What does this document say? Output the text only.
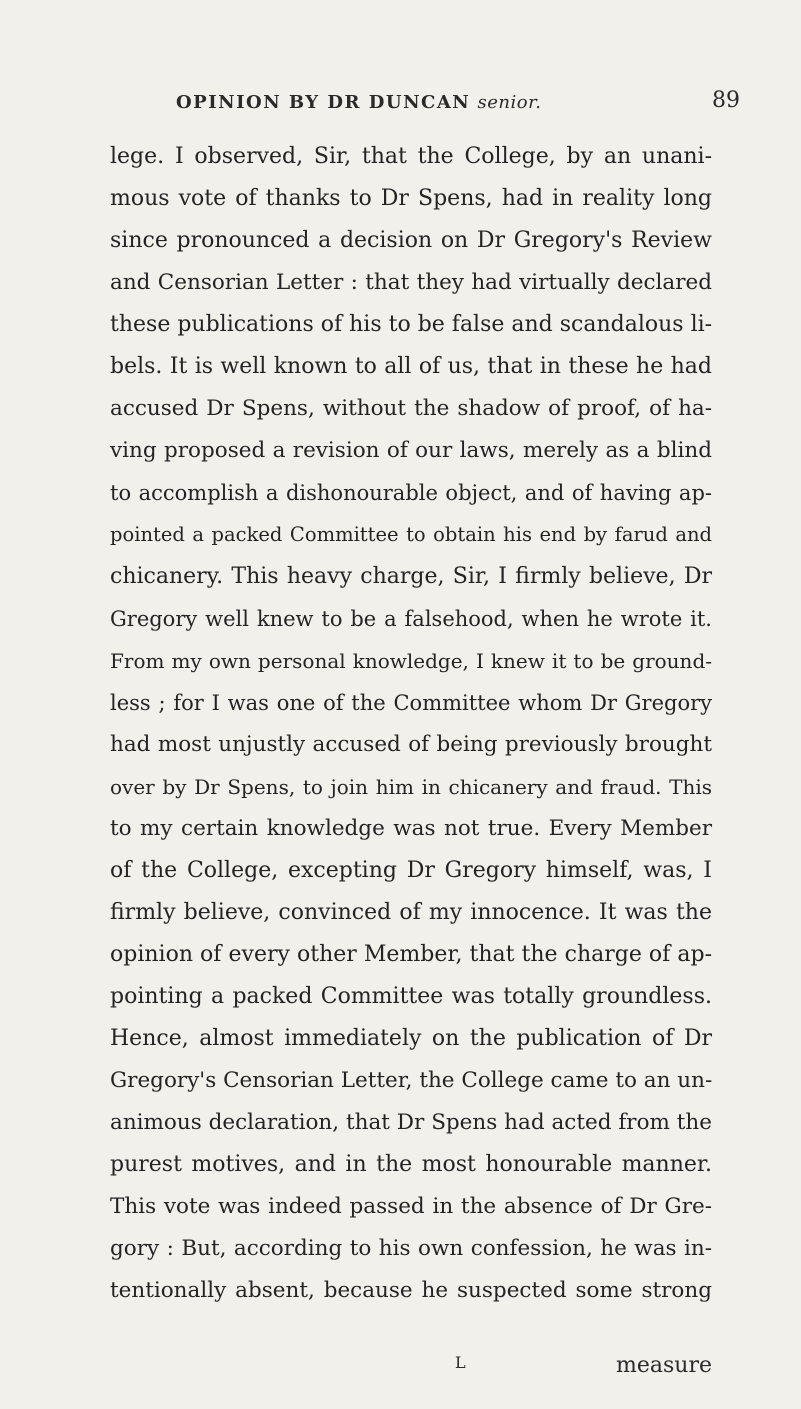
OPINION BY DR DUNCAN senior.	89
lege. I observed, Sir, that the College, by an unani-
mous vote of thanks to Dr Spens, had in reality long
since pronounced a decision on Dr Gregory's Review
and Censorian Letter : that they had virtually declared
these publications of his to be false and scandalous li-
bels. It is well known to all of us, that in these he had
accused Dr Spens, without the shadow of proof, of ha-
ving proposed a revision of our laws, merely as a blind
to accomplish a dishonourable object, and of having ap-
pointed a packed Committee to obtain his end by farud and
chicanery. This heavy charge, Sir, I firmly believe, Dr
Gregory well knew to be a falsehood, when he wrote it.
From my own personal knowledge, I knew it to be ground-
less ; for I was one of the Committee whom Dr Gregory
had most unjustly accused of being previously brought
over by Dr Spens, to join him in chicanery and fraud. This
to my certain knowledge was not true. Every Member
of the College, excepting Dr Gregory himself, was, I
firmly believe, convinced of my innocence. It was the
opinion of every other Member, that the charge of ap-
pointing a packed Committee was totally groundless.
Hence, almost immediately on the publication of Dr
Gregory's Censorian Letter, the College came to an un-
animous declaration, that Dr Spens had acted from the
purest motives, and in the most honourable manner.
This vote was indeed passed in the absence of Dr Gre-
gory : But, according to his own confession, he was in-
tentionally absent, because he suspected some strong
L	measure
